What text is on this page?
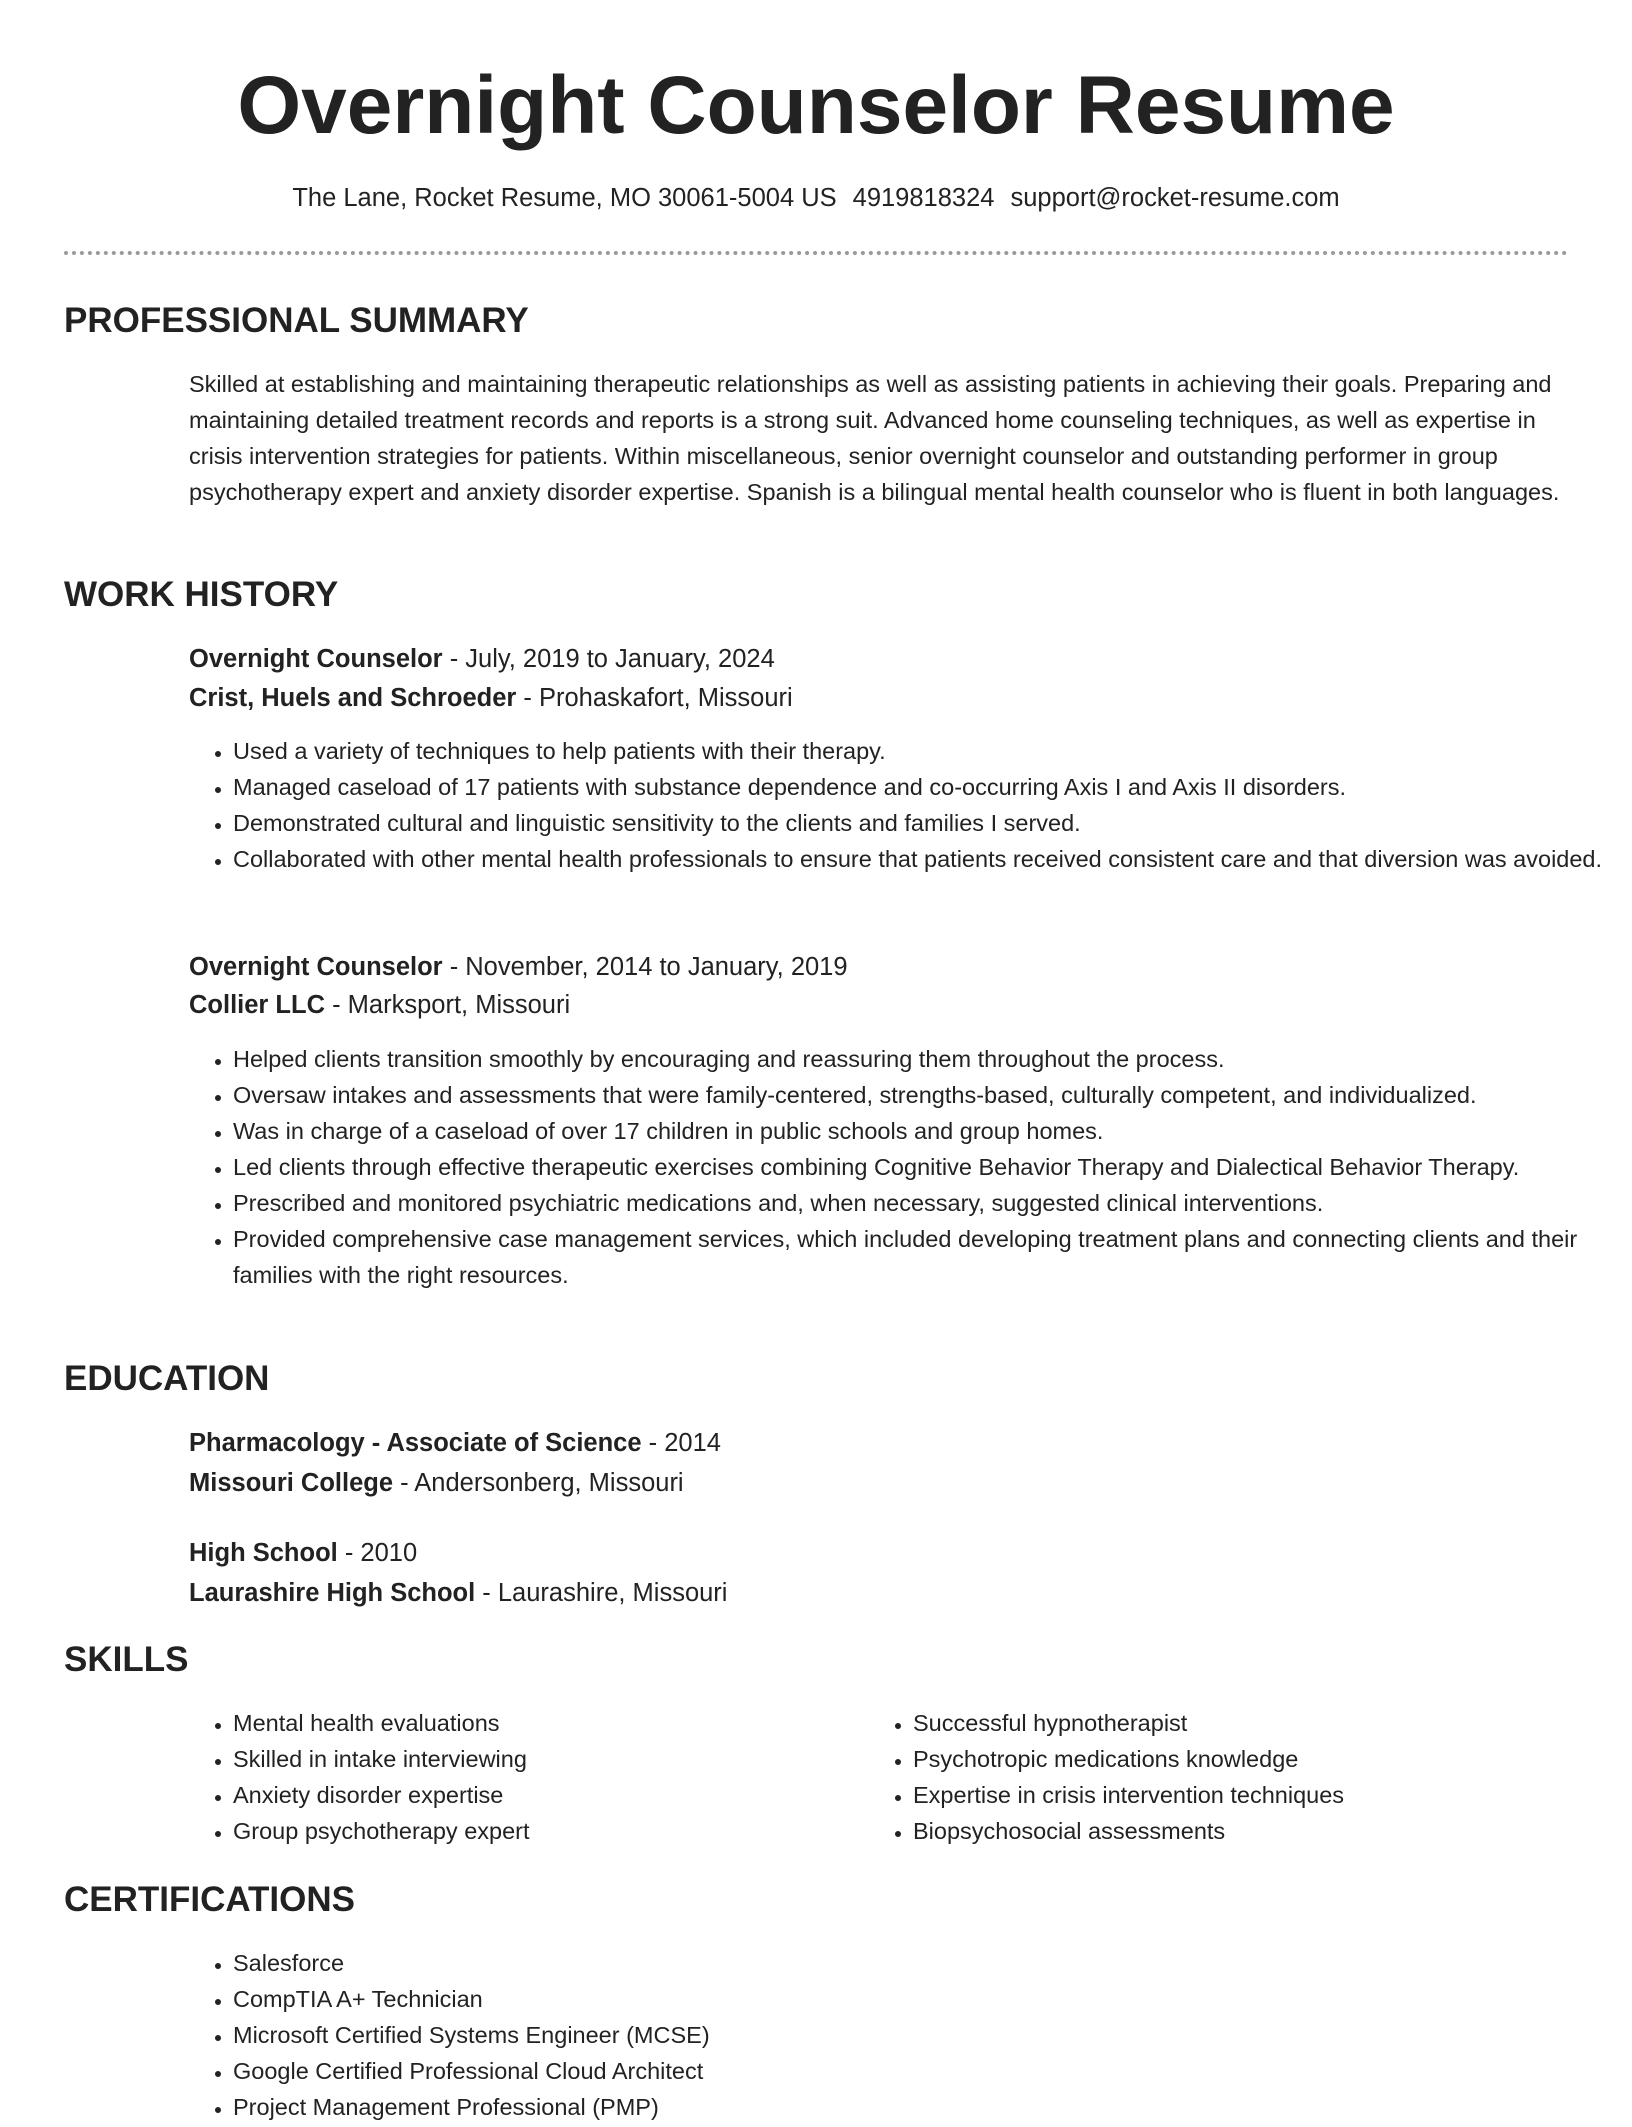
Overnight Counselor Resume
The Lane, Rocket Resume, MO 30061-5004 US 4919818324 support@rocket-resume.com
PROFESSIONAL SUMMARY
Skilled at establishing and maintaining therapeutic relationships as well as assisting patients in achieving their goals. Preparing and maintaining detailed treatment records and reports is a strong suit. Advanced home counseling techniques, as well as expertise in crisis intervention strategies for patients. Within miscellaneous, senior overnight counselor and outstanding performer in group psychotherapy expert and anxiety disorder expertise. Spanish is a bilingual mental health counselor who is fluent in both languages.
WORK HISTORY
Overnight Counselor - July, 2019 to January, 2024
Crist, Huels and Schroeder - Prohaskafort, Missouri
• Used a variety of techniques to help patients with their therapy.
• Managed caseload of 17 patients with substance dependence and co-occurring Axis I and Axis II disorders.
• Demonstrated cultural and linguistic sensitivity to the clients and families I served.
• Collaborated with other mental health professionals to ensure that patients received consistent care and that diversion was avoided.
Overnight Counselor - November, 2014 to January, 2019
Collier LLC - Marksport, Missouri
• Helped clients transition smoothly by encouraging and reassuring them throughout the process.
• Oversaw intakes and assessments that were family-centered, strengths-based, culturally competent, and individualized.
• Was in charge of a caseload of over 17 children in public schools and group homes.
• Led clients through effective therapeutic exercises combining Cognitive Behavior Therapy and Dialectical Behavior Therapy.
• Prescribed and monitored psychiatric medications and, when necessary, suggested clinical interventions.
• Provided comprehensive case management services, which included developing treatment plans and connecting clients and their families with the right resources.
EDUCATION
Pharmacology - Associate of Science - 2014
Missouri College - Andersonberg, Missouri
High School - 2010
Laurashire High School - Laurashire, Missouri
SKILLS
• Mental health evaluations
• Skilled in intake interviewing
• Anxiety disorder expertise
• Group psychotherapy expert
• Successful hypnotherapist
• Psychotropic medications knowledge
• Expertise in crisis intervention techniques
• Biopsychosocial assessments
CERTIFICATIONS
• Salesforce
• CompTIA A+ Technician
• Microsoft Certified Systems Engineer (MCSE)
• Google Certified Professional Cloud Architect
• Project Management Professional (PMP)
